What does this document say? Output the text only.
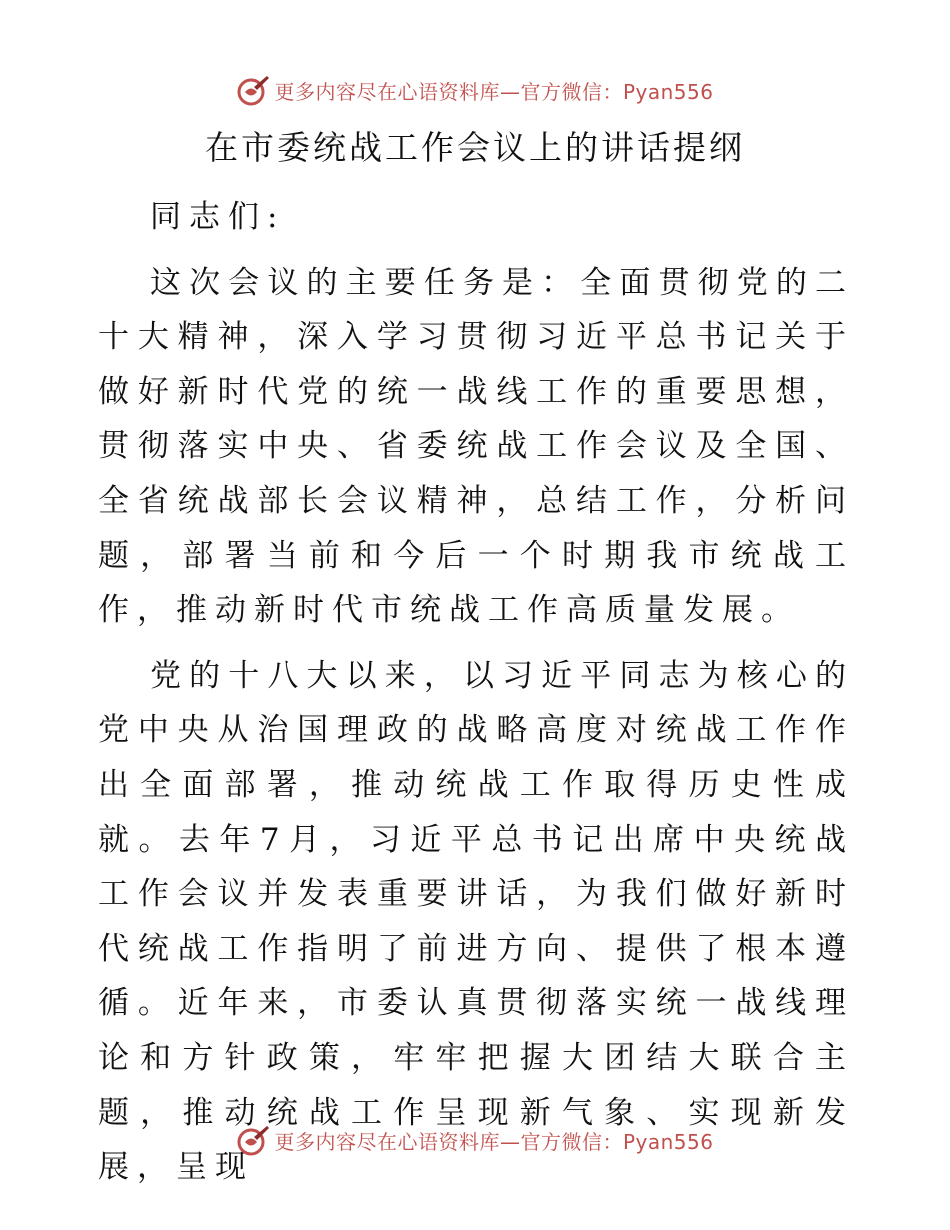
更多内容尽在心语资料库—官方微信：Pyan556
在市委统战工作会议上的讲话提纲

同志们:

这次会议的主要任务是：全面贯彻党的二十大精神，深入学习贯彻习近平总书记关于做好新时代党的统一战线工作的重要思想，贯彻落实中央、省委统战工作会议及全国、全省统战部长会议精神，总结工作，分析问题，部署当前和今后一个时期我市统战工作，推动新时代市统战工作高质量发展。

党的十八大以来，以习近平同志为核心的党中央从治国理政的战略高度对统战工作作出全面部署，推动统战工作取得历史性成就。去年7月，习近平总书记出席中央统战工作会议并发表重要讲话，为我们做好新时代统战工作指明了前进方向、提供了根本遵循。近年来，市委认真贯彻落实统一战线理论和方针政策，牢牢把握大团结大联合主题，推动统战工作呈现新气象、实现新发展，呈现

更多内容尽在心语资料库—官方微信：Pyan556
